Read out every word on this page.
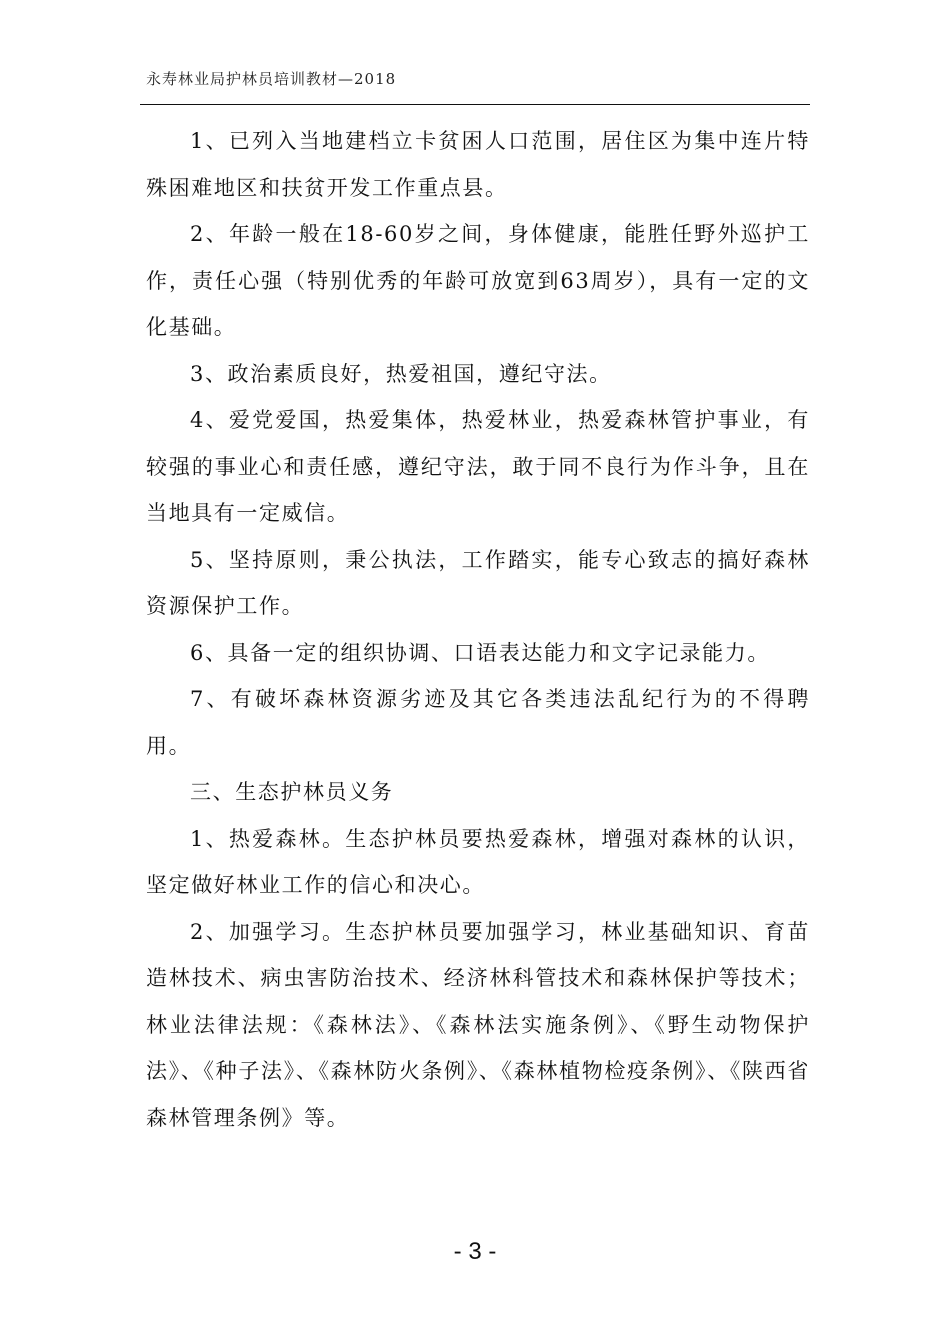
永寿林业局护林员培训教材—2018

1、已列入当地建档立卡贫困人口范围，居住区为集中连片特殊困难地区和扶贫开发工作重点县。

2、年龄一般在18-60岁之间，身体健康，能胜任野外巡护工作，责任心强（特别优秀的年龄可放宽到63周岁），具有一定的文化基础。

3、政治素质良好，热爱祖国，遵纪守法。

4、爱党爱国，热爱集体，热爱林业，热爱森林管护事业，有较强的事业心和责任感，遵纪守法，敢于同不良行为作斗争，且在当地具有一定威信。

5、坚持原则，秉公执法，工作踏实，能专心致志的搞好森林资源保护工作。

6、具备一定的组织协调、口语表达能力和文字记录能力。

7、有破坏森林资源劣迹及其它各类违法乱纪行为的不得聘用。

三、生态护林员义务

1、热爱森林。生态护林员要热爱森林，增强对森林的认识，坚定做好林业工作的信心和决心。

2、加强学习。生态护林员要加强学习，林业基础知识、育苗造林技术、病虫害防治技术、经济林科管技术和森林保护等技术；林业法律法规：《森林法》、《森林法实施条例》、《野生动物保护法》、《种子法》、《森林防火条例》、《森林植物检疫条例》、《陕西省森林管理条例》等。

- 3 -
